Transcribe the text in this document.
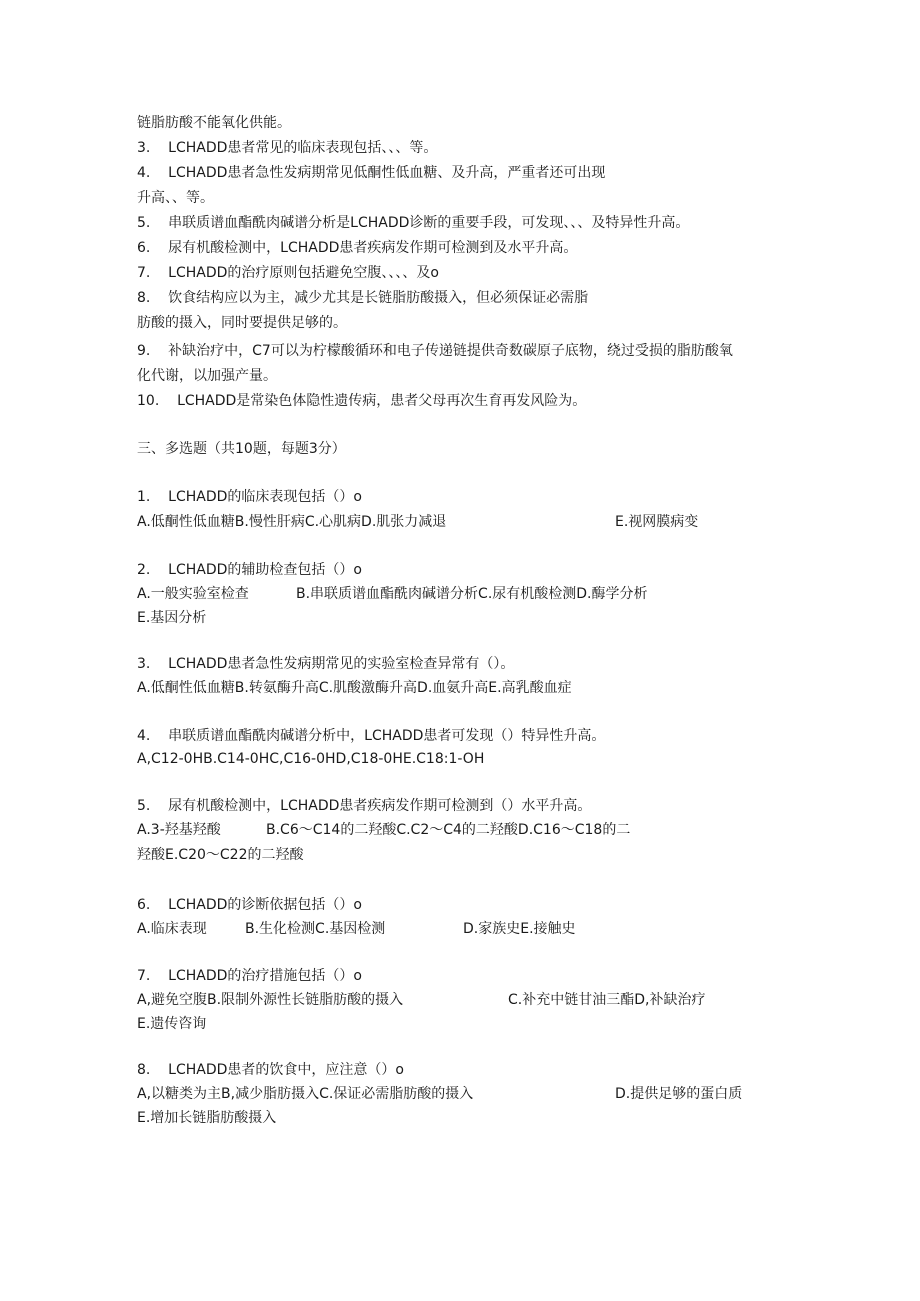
链脂肪酸不能氧化供能。
3.    LCHADD患者常见的临床表现包括、、、等。
4.    LCHADD患者急性发病期常见低酮性低血糖、及升高，严重者还可出现
升高、、等。
5.    串联质谱血酯酰肉碱谱分析是LCHADD诊断的重要手段，可发现、、、及特异性升高。
6.    尿有机酸检测中，LCHADD患者疾病发作期可检测到及水平升高。
7.    LCHADD的治疗原则包括避免空腹、、、、及o
8.    饮食结构应以为主，减少尤其是长链脂肪酸摄入，但必须保证必需脂
肪酸的摄入，同时要提供足够的。
9.    补缺治疗中，C7可以为柠檬酸循环和电子传递链提供奇数碳原子底物，绕过受损的脂肪酸氧
化代谢，以加强产量。
10.    LCHADD是常染色体隐性遗传病，患者父母再次生育再发风险为。
三、多选题（共10题，每题3分）
1.    LCHADD的临床表现包括（）o
A.低酮性低血糖B.慢性肝病C.心肌病D.肌张力减退	E.视网膜病变
2.    LCHADD的辅助检查包括（）o
A.一般实验室检查	B.串联质谱血酯酰肉碱谱分析C.尿有机酸检测D.酶学分析
E.基因分析
3.    LCHADD患者急性发病期常见的实验室检查异常有（）。
A.低酮性低血糖B.转氨酶升高C.肌酸激酶升高D.血氨升高E.高乳酸血症
4.    串联质谱血酯酰肉碱谱分析中，LCHADD患者可发现（）特异性升高。
A,C12-0HB.C14-0HC,C16-0HD,C18-0HE.C18:1-OH
5.    尿有机酸检测中，LCHADD患者疾病发作期可检测到（）水平升高。
A.3-羟基羟酸	B.C6～C14的二羟酸C.C2～C4的二羟酸D.C16～C18的二
羟酸E.C20～C22的二羟酸
6.    LCHADD的诊断依据包括（）o
A.临床表现	B.生化检测C.基因检测	D.家族史E.接触史
7.    LCHADD的治疗措施包括（）o
A,避免空腹B.限制外源性长链脂肪酸的摄入	C.补充中链甘油三酯D,补缺治疗
E.遗传咨询
8.    LCHADD患者的饮食中，应注意（）o
A,以糖类为主B,减少脂肪摄入C.保证必需脂肪酸的摄入	D.提供足够的蛋白质
E.增加长链脂肪酸摄入
